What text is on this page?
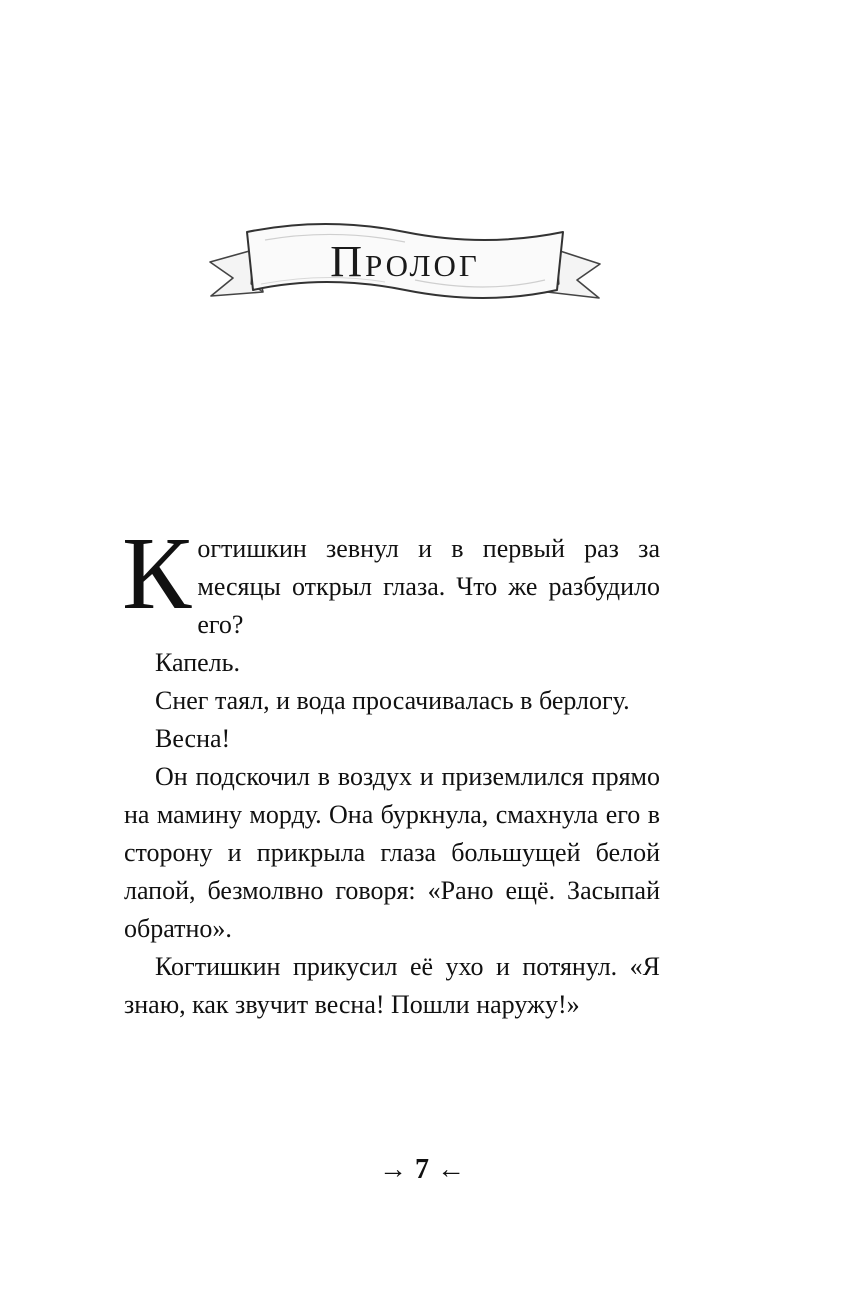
Пролог

Когтишкин зевнул и в первый раз за месяцы открыл глаза. Что же разбудило его?

Капель.

Снег таял, и вода просачивалась в берлогу.

Весна!

Он подскочил в воздух и приземлился прямо на мамину морду. Она буркнула, смахнула его в сторону и прикрыла глаза большущей белой лапой, безмолвно говоря: «Рано ещё. Засыпай обратно».

Когтишкин прикусил её ухо и потянул. «Я знаю, как звучит весна! Пошли наружу!»

→ 7 ←
